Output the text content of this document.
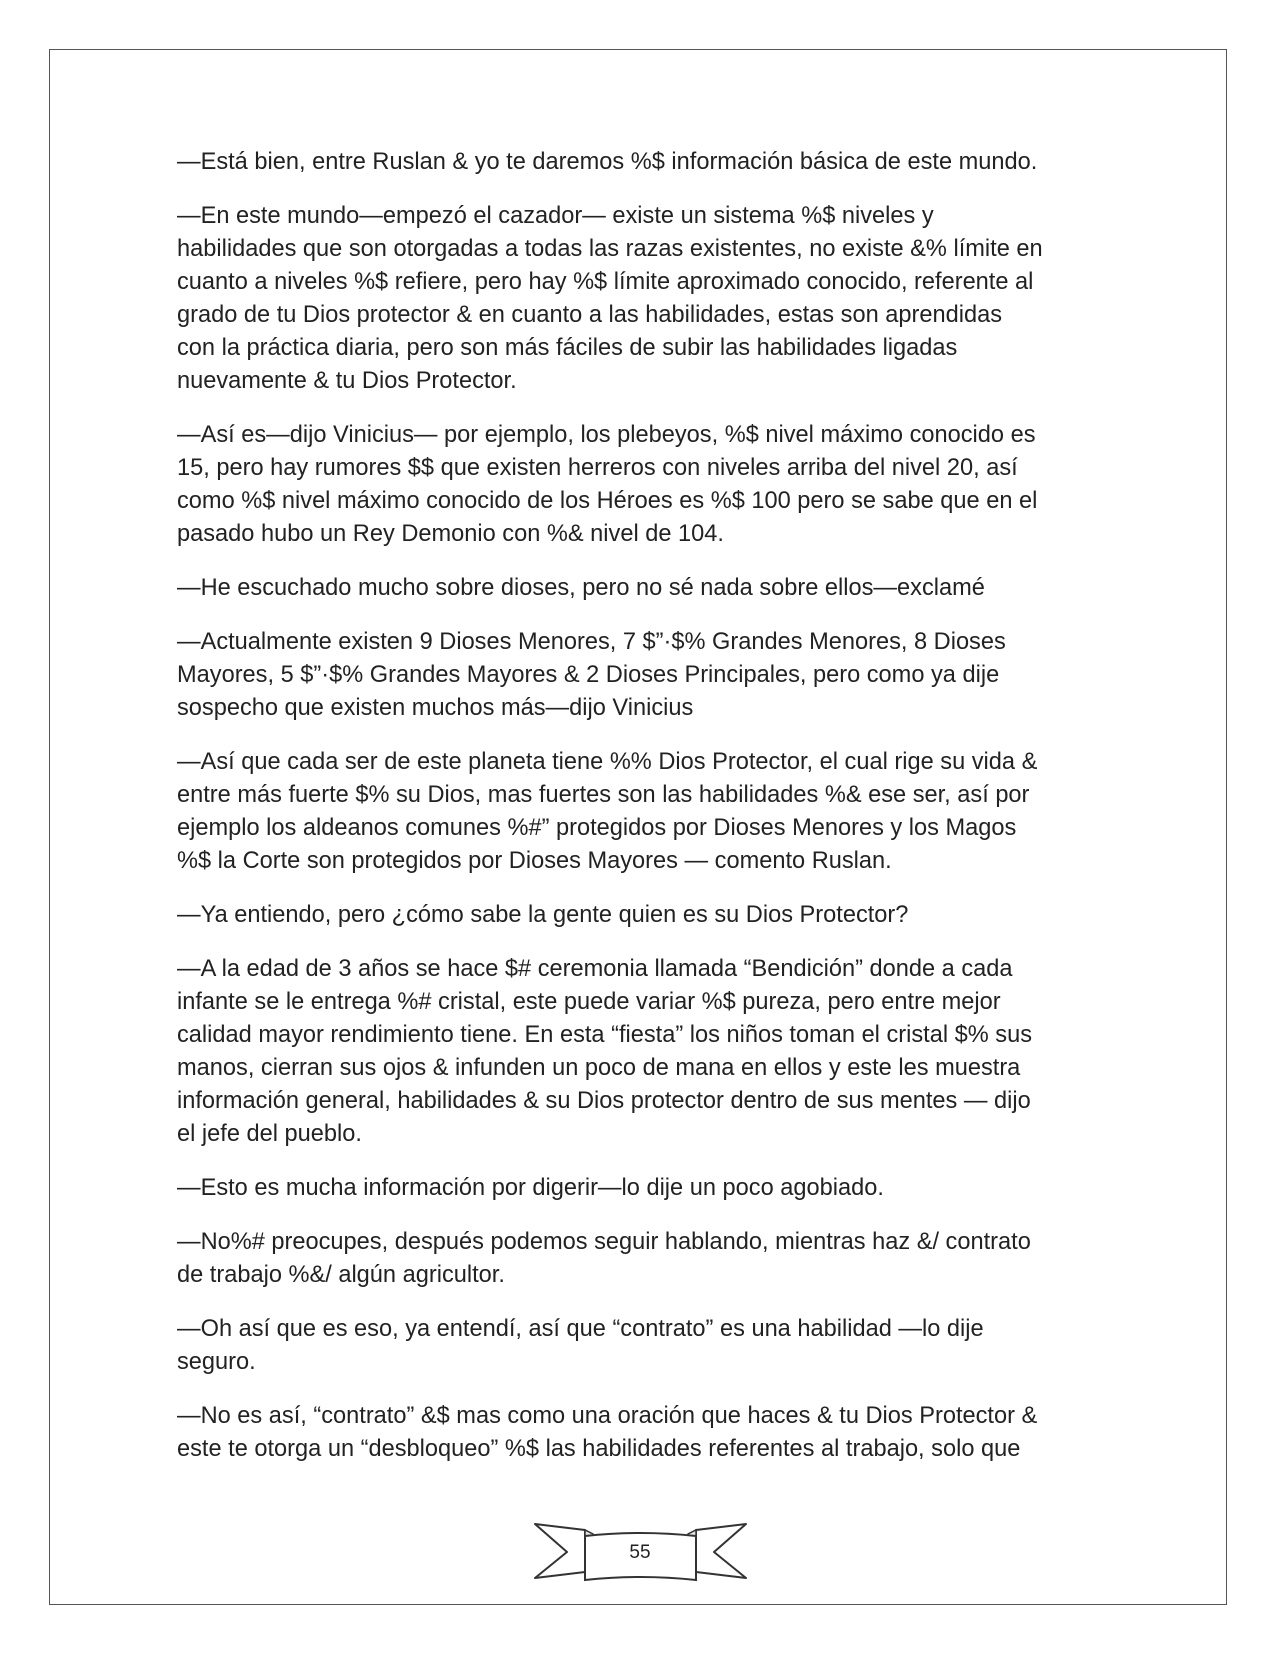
—Está bien, entre Ruslan & yo te daremos %$ información básica de este mundo.

—En este mundo—empezó el cazador— existe un sistema %$ niveles y
habilidades que son otorgadas a todas las razas existentes, no existe &% límite en
cuanto a niveles %$ refiere, pero hay %$ límite aproximado conocido, referente al
grado de tu Dios protector & en cuanto a las habilidades, estas son aprendidas
con la práctica diaria, pero son más fáciles de subir las habilidades ligadas
nuevamente & tu Dios Protector.

—Así es—dijo Vinicius— por ejemplo, los plebeyos, %$ nivel máximo conocido es
15, pero hay rumores $$ que existen herreros con niveles arriba del nivel 20, así
como %$ nivel máximo conocido de los Héroes es %$ 100 pero se sabe que en el
pasado hubo un Rey Demonio con %& nivel de 104.

—He escuchado mucho sobre dioses, pero no sé nada sobre ellos—exclamé

—Actualmente existen 9 Dioses Menores, 7 $”·$% Grandes Menores, 8 Dioses
Mayores, 5 $”·$% Grandes Mayores & 2 Dioses Principales, pero como ya dije
sospecho que existen muchos más—dijo Vinicius

—Así que cada ser de este planeta tiene %% Dios Protector, el cual rige su vida &
entre más fuerte $% su Dios, mas fuertes son las habilidades %& ese ser, así por
ejemplo los aldeanos comunes %#” protegidos por Dioses Menores y los Magos
%$ la Corte son protegidos por Dioses Mayores — comento Ruslan.

—Ya entiendo, pero ¿cómo sabe la gente quien es su Dios Protector?

—A la edad de 3 años se hace $# ceremonia llamada “Bendición” donde a cada
infante se le entrega %# cristal, este puede variar %$ pureza, pero entre mejor
calidad mayor rendimiento tiene. En esta “fiesta” los niños toman el cristal $% sus
manos, cierran sus ojos & infunden un poco de mana en ellos y este les muestra
información general, habilidades & su Dios protector dentro de sus mentes — dijo
el jefe del pueblo.

—Esto es mucha información por digerir—lo dije un poco agobiado.

—No%# preocupes, después podemos seguir hablando, mientras haz &/ contrato
de trabajo %&/ algún agricultor.

—Oh así que es eso, ya entendí, así que “contrato” es una habilidad —lo dije
seguro.

—No es así, “contrato” &$ mas como una oración que haces & tu Dios Protector &
este te otorga un “desbloqueo” %$ las habilidades referentes al trabajo, solo que

55
